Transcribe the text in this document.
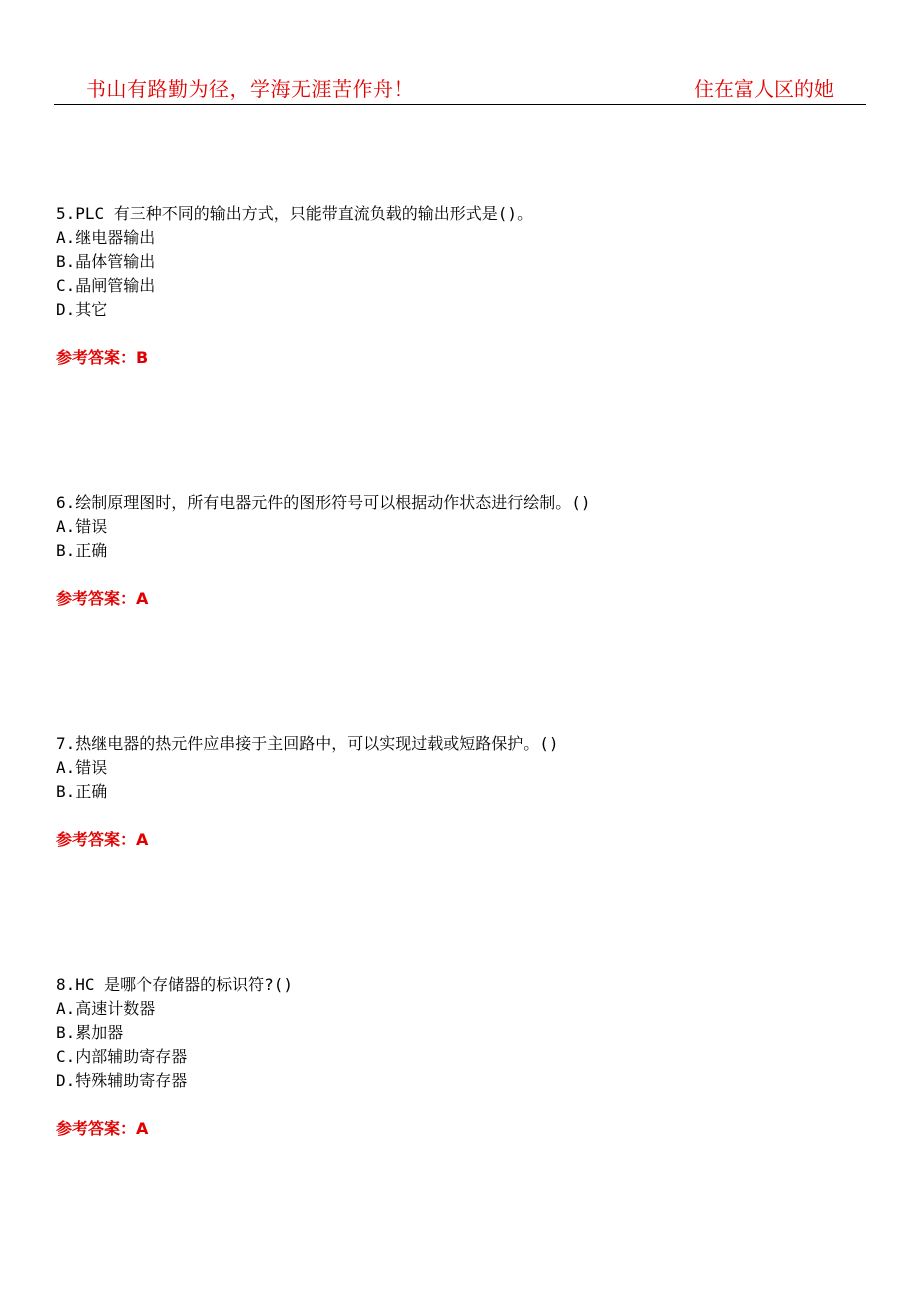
书山有路勤为径，学海无涯苦作舟！	住在富人区的她
5.PLC 有三种不同的输出方式，只能带直流负载的输出形式是()。
A.继电器输出
B.晶体管输出
C.晶闸管输出
D.其它
参考答案：B
6.绘制原理图时，所有电器元件的图形符号可以根据动作状态进行绘制。()
A.错误
B.正确
参考答案：A
7.热继电器的热元件应串接于主回路中，可以实现过载或短路保护。()
A.错误
B.正确
参考答案：A
8.HC 是哪个存储器的标识符?()
A.高速计数器
B.累加器
C.内部辅助寄存器
D.特殊辅助寄存器
参考答案：A
